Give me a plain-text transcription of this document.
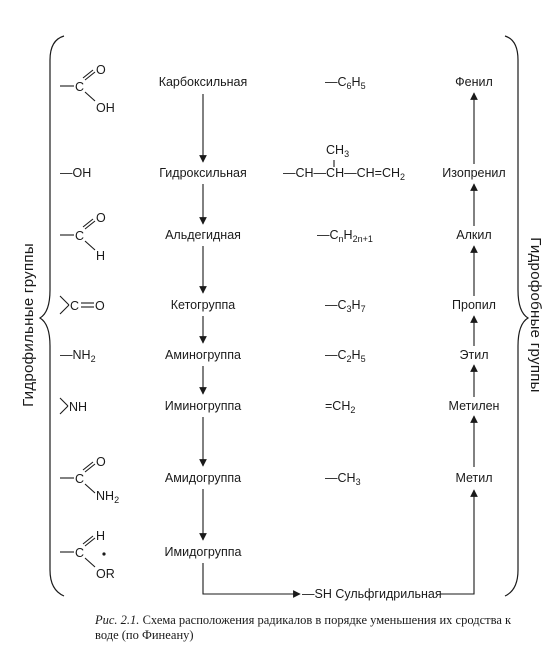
Гидрофильные группы	Гидрофобные группы
C
O
OH
—OH
C
O
H
C O
$—NH_2$
NH
C
O
$NH_2$
C
H
OR
Карбоксильная
Гидроксильная
Альдегидная
Кетогруппа
Аминогруппа
Иминогруппа
Амидогруппа
Имидогруппа
$—C_6H_5$
$CH_3$
$—CH—CH—CH=CH_2$
$—C_nH_{2n+1}$
$—C_3H_7$
$—C_2H_5$
$=CH_2$
$—CH_3$
—SH Сульфгидрильная
Фенил
Изопренил
Алкил
Пропил
Этил
Метилен
Метил
Рис. 2.1. Схема расположения радикалов в порядке уменьшения их сродства к воде (по Финеану)
